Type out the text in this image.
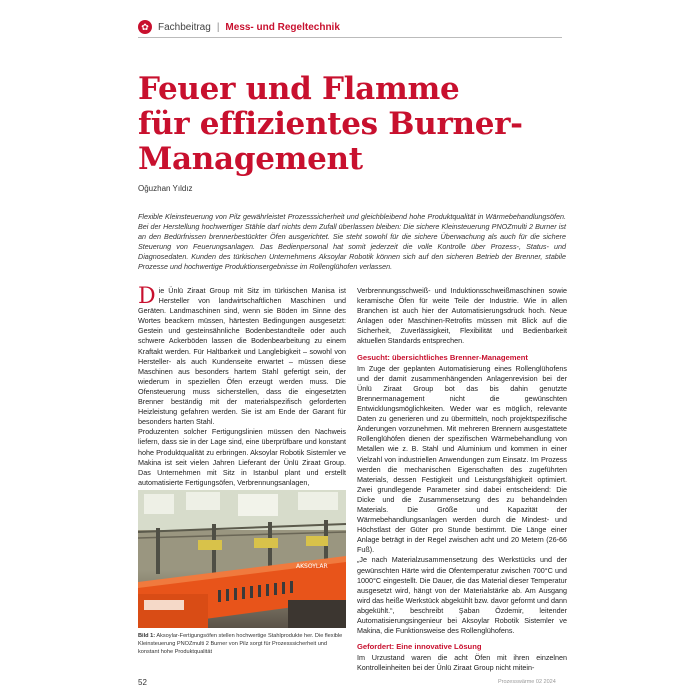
✿ Fachbeitrag | Mess- und Regeltechnik
Feuer und Flamme
für effizientes Burner-
Management
Oğuzhan Yıldız

Flexible Kleinsteuerung von Pilz gewährleistet Prozesssicherheit und gleichbleibend hohe Produktqualität in Wärmebehandlungsöfen. Bei der Herstellung hochwertiger Stähle darf nichts dem Zufall überlassen bleiben: Die sichere Kleinsteuerung PNOZmulti 2 Burner ist an den Bedürfnissen brennerbestückter Öfen ausgerichtet. Sie steht sowohl für die sichere Überwachung als auch für die sichere Steuerung von Feuerungsanlagen. Das Bedienpersonal hat somit jederzeit die volle Kontrolle über Prozess-, Status- und Diagnosedaten. Kunden des türkischen Unternehmens Aksoylar Robotik können sich auf den sicheren Betrieb der Brenner, stabile Prozesse und hochwertige Produktionsergebnisse im Rollenglühofen verlassen.

Die Ünlü Ziraat Group mit Sitz im türkischen Manisa ist Hersteller von landwirtschaftlichen Maschinen und Geräten. Landmaschinen sind, wenn sie Böden im Sinne des Wortes beackern müssen, härtesten Bedingungen ausgesetzt: Gestein und gesteinsähnliche Bodenbestandteile oder auch schwere Ackerböden lassen die Bodenbearbeitung zu einem Kraftakt werden. Für Haltbarkeit und Langlebigkeit – sowohl von Hersteller- als auch Kundenseite erwartet – müssen diese Maschinen aus besonders hartem Stahl gefertigt sein, der wiederum in speziellen Öfen erzeugt werden muss. Die Ofensteuerung muss sicherstellen, dass die eingesetzten Brenner beständig mit der materialspezifisch geforderten Heizleistung gefahren werden. Sie ist am Ende der Garant für besonders harten Stahl.

Produzenten solcher Fertigungslinien müssen den Nachweis liefern, dass sie in der Lage sind, eine überprüfbare und konstant hohe Produktqualität zu erbringen. Aksoylar Robotik Sistemler ve Makina ist seit vielen Jahren Lieferant der Ünlü Ziraat Group. Das Unternehmen mit Sitz in Istanbul plant und erstellt automatisierte Fertigungsöfen, Verbrennungsanlagen,

AKSOYLAR

Bild 1: Aksoylar-Fertigungsöfen stellen hochwertige Stahlprodukte her. Die flexible Kleinsteuerung PNOZmulti 2 Burner von Pilz sorgt für Prozesssicherheit und konstant hohe Produktqualität

Verbrennungsschweiß- und Induktionsschweißmaschinen sowie keramische Öfen für weite Teile der Industrie. Wie in allen Branchen ist auch hier der Automatisierungsdruck hoch. Neue Anlagen oder Maschinen-Retrofits müssen mit Blick auf die Sicherheit, Zuverlässigkeit, Flexibilität und Bedienbarkeit aktuellen Standards entsprechen.

Gesucht: übersichtliches Brenner-Management

Im Zuge der geplanten Automatisierung eines Rollenglühofens und der damit zusammenhängenden Anlagenrevision bei der Ünlü Ziraat Group bot das bis dahin genutzte Brennermanagement nicht die gewünschten Entwicklungsmöglichkeiten. Weder war es möglich, relevante Daten zu generieren und zu übermitteln, noch projektspezifische Änderungen vorzunehmen. Mit mehreren Brennern ausgestattete Rollenglühöfen dienen der spezifischen Wärmebehandlung von Metallen wie z. B. Stahl und Aluminium und kommen in einer Vielzahl von industriellen Anwendungen zum Einsatz. Im Prozess werden die mechanischen Eigenschaften des zugeführten Materials, dessen Festigkeit und Leistungsfähigkeit optimiert. Zwei grundlegende Parameter sind dabei entscheidend: Die Dicke und die Zusammensetzung des zu behandelnden Materials. Die Größe und Kapazität der Wärmebehandlungsanlagen werden durch die Mindest- und Höchstlast der Güter pro Stunde bestimmt. Die Länge einer Anlage beträgt in der Regel zwischen acht und 20 Metern (26-66 Fuß).

„Je nach Materialzusammensetzung des Werkstücks und der gewünschten Härte wird die Ofentemperatur zwischen 700°C und 1000°C eingestellt. Die Dauer, die das Material dieser Temperatur ausgesetzt wird, hängt von der Materialstärke ab. Am Ausgang wird das heiße Werkstück abgekühlt bzw. davor geformt und dann abgekühlt.“, beschreibt Şaban Özdemir, leitender Automatisierungsingenieur bei Aksoylar Robotik Sistemler ve Makina, die Funktionsweise des Rollenglühofens.

Gefordert: Eine innovative Lösung

Im Urzustand waren die acht Öfen mit ihren einzelnen Kontrolleinheiten bei der Ünlü Ziraat Group nicht mitein-

52	Prozesswärme 02 2024
